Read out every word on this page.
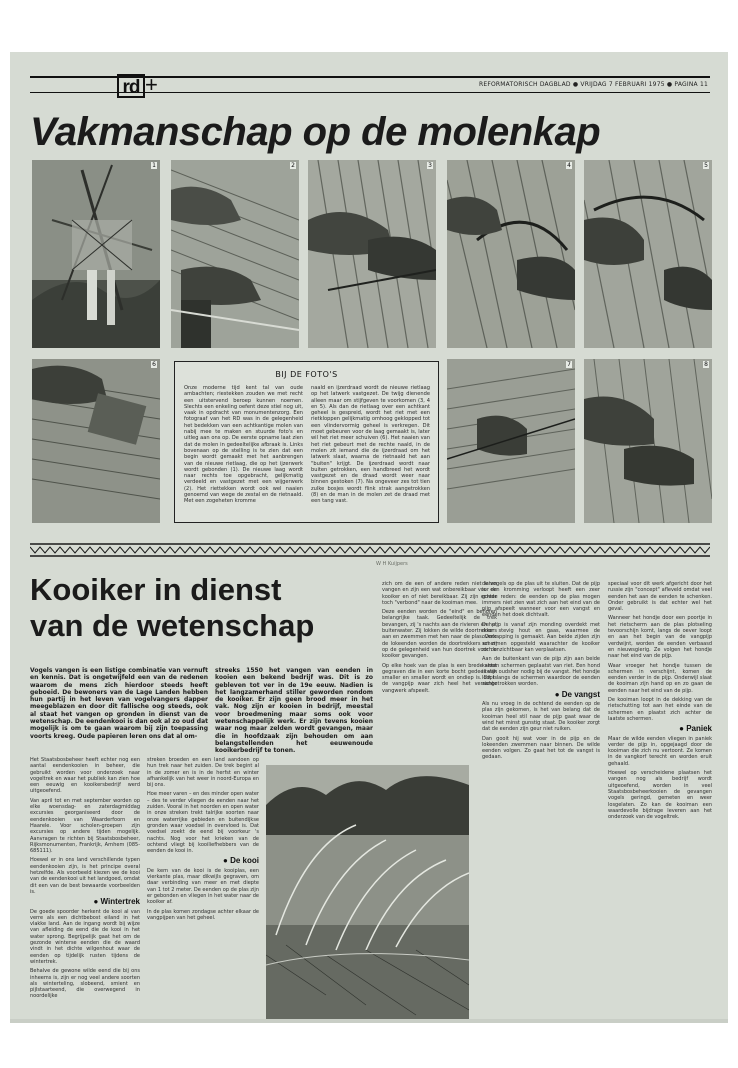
rd +	REFORMATORISCH DAGBLAD ● VRIJDAG 7 FEBRUARI 1975 ● PAGINA 11
Vakmanschap op de molenkap
1	2	3	4	5
6
BIJ DE FOTO'S
Onze moderne tijd kent tal van oude ambachten; riestekken zouden we met recht een uitstervend beroep kunnen noemen. Slechts een enkeling oefent deze stiel nog uit, vaak in opdracht van monumentenzorg. Een fotograaf van het RD was in de gelegenheid het bedekken van een achtkantige molen van nabij mee te maken en stuurde foto's en uitleg aan ons op. De eerste opname laat zien dat de molen in gedeeltelijke afbraak is. Links bovenaan op de stelling is te zien dat een begin wordt gemaakt met het aanbrengen van de nieuwe rietlaag, die op het ijzerwerk wordt gebonden (1). De nieuwe laag wordt naar rechts toe opgebracht, gelijkmatig verdeeld en vastgezet met een wijgerwerk (2). Het riettekken wordt ook wel naaien genoemd van wege de zestal en de rietnaald. Met een zogeheten kromme
naald en ijzerdraad wordt de nieuwe rietlaag op het latwerk vastgezet. De twijg dienende alleen maar om stijfgeven te voorkomen (3, 4 en 5). Als dan de rietlaag over een achtkant geheel is gespreid, wordt het riet met een rietkloppen gelijkmatig omhoog geklopped tot een vlindervormig geheel is verkregen. Dit moet gebeuren voor de laag gemaakt is, later wil het riet meer schuiven (6). Het naaien van het riet gebeurt met de rechte naald, in de molen zit iemand die de ijzerdraad om het latwerk slaat, waarna de rietnaald het aan "buiten" krijgt. De ijzerdraad wordt naar buiten getrokken, een handbreed het wordt vastgezet en de draad wordt weer naar binnen gestoken (7). Na ongeveer zes tot tien zulke bosjes wordt flink strak aangetrokken (8) en de man in de molen zet de draad met een tang vast.
7	8
W H Kuijpers
Kooiker in dienst
van de wetenschap
Vogels vangen is een listige combinatie van vernuft en kennis. Dat is ongetwijfeld een van de redenen waarom de mens zich hierdoor steeds heeft geboeid. De bewoners van de Lage Landen hebben hun partij in het leven van vogelvangers dapper meegeblazen en door dit fallische oog steeds, ook al staat het vangen op gronden in dienst van de wetenschap. De eendenkooi is dan ook al zo oud dat mogelijk is om te gaan waarom bij zijn toepassing voorts kreeg. Oude papieren leren ons dat al om-
streeks 1550 het vangen van eenden in kooien een bekend bedrijf was. Dit is zo gebleven tot ver in de 19e eeuw. Nadien is het langzamerhand stiller geworden rondom de kooiker. Er zijn geen brood meer in het vak. Nog zijn er kooien in bedrijf, meestal voor broedmening maar soms ook voor wetenschappelijk werk. Er zijn tevens kooien waar nog maar zelden wordt gevangen, maar die in hoofdzaak zijn behouden om aan belangstellenden het eeuwenoude kooikerbedrijf te tonen.

Het Staatsbosbeheer heeft echter nog een aantal eendenkooien in beheer, die gebruikt worden voor onderzoek naar vogeltrek en waar het publiek kan zien hoe een eeuwig en kooikersbedrijf werd uitgeoefend.

Van april tot en met september worden op elke woensdag- en zaterdagmiddag excursies georganiseerd door de eendenkooien van Waarderfoorn en Haarele. Voor scholen-groepen zijn excursies op andere tijden mogelijk. Aanvragen te richten bij Staatsbosbeheer, Rijksmonumenten, Frankrijk, Arnhem (085-685111).

Hoewel er in ons land verschillende typen eendenkooien zijn, is het principe overal hetzelfde. Als voorbeeld kiezen we de kooi van de eendenkooi uit het landgoed, omdat dit een van de best bewaarde voorbeelden is.

● Wintertrek

De goede spoorder herkent de kooi al van verre als een dichtbebost eiland in het vlakke land. Aan de ingang wordt bij wijze van afleiding de eend die de kooi in het water sprong. Begrijpelijk gaat het om de gezonde winterse eenden die de waard vindt in het dichte wilgenhout waar de eenden op tijdelijk rusten tijdens de wintertrek.

Behalve de gewone wilde eend die bij ons inheems is, zijn er nog veel andere soorten als winterteling, slobeend, smient en pijlstaarteend, die overwegend in noordelijke

streken broeden en een land aandoen op hun trek naar het zuiden. De trek begint al in de zomer en is in de herfst en winter afhankelijk van het weer in noord-Europa en bij ons.

Hoe meer varen – en des minder open water – des te verder vliegen de eenden naar het zuiden. Vooral in het noorden en open water in onze streken trekt talrijke soorten naar onze waterrijke gebieden en buitendijkse gronden waar voedsel in overvloed is. Dat voedsel zoekt de eend bij voorkeur 's nachts. Nog voor het krieken van de ochtend vliegt bij kooiliefhebbers van de eenden de kooi in.

● De kooi

De kern van de kooi is de kooiplas, een vierkante plas, maar dikwijls gegraven, om daar verbinding van meer en met diepte van 1 tot 2 meter. De eenden op de plas zijn er gebonden en vliegen in het water naar de kooiker af.

In de plas komen zondagse achter elkaar de vangpijpen van het geheel.

zich om de een of andere reden niet laten vangen en zijn een wat onbereikbaar voor de kooiker en of niet bereikbaar. Zij zijn echter toch "verbond" naar de kooiman mee.

Deze eenden worden de "eind" en behoren belangrijke taak. Gedeeltelijk de trek bevangen, zij 's nachts aan de rivieren en het buitenwater. Zij lokken de wilde doortrekkers aan en zwemmen met hen naar de plas. Door de lokeenden worden de doortrekkers en zij op de gelegenheid van hun doortrek voor de kooiker gevangen.

Op elke hoek van de plas is een brede sloot gegraven die in een korte bocht gedeeltelijk smaller en smaller wordt en ondiep is. Dit is de vangpijp waar zich heel het verrichte vangwerk afspeelt.

de vogels op de plas uit te sluiten. Dat de pijp is een kromming verloopt heeft een zeer goede reden: de eenden op de plas mogen immers niet zien wat zich aan het eind van de pijp afspeelt wanneer voor een vangst en eenden het doek dichtvalt.

De pijp is vanaf zijn monding overdekt met door stevig hout en gaas, waarmee de overkapping is gemaakt. Aan beide zijden zijn schermen opgesteld waarachter de kooiker zich onzichtbaar kan verplaatsen.

Aan de buitenkant van de pijp zijn aan beide kanten schermen geplaatst van riet. Een hond is van oudsher nodig bij de vangst. Het hondje loopt langs de schermen waardoor de eenden aangetrokken worden.

● De vangst

Als nu vroeg in de ochtend de eenden op de plas zijn gekomen, is het van belang dat de kooiman heel stil naar de pijp gaat waar de wind het minst gunstig staat. De kooiker zorgt dat de eenden zijn geur niet ruiken.

Dan gooit hij wat voer in de pijp en de lokeenden zwemmen naar binnen. De wilde eenden volgen. Zo gaat het tot de vangst is gedaan.

speciaal voor dit werk afgericht door het russie zijn "concept" afleveld omdat veel eenden het aan de eenden te schenken. Onder gebruikt is dat echter wel het geval.

Wanneer het hondje door een poortje in het rietscherm aan de plas plotseling tevoorschijn komt, langs de oever loopt en aan het begin van de vangpijp verdwijnt, worden de eenden verbaasd en nieuwsgierig. Ze volgen het hondje naar het eind van de pijp.

Waar vroeger het hondje tussen de schermen in verschijnt, komen de eenden verder in de pijp. Onderwijl slaat de kooiman zijn hand op en zo gaan de eenden naar het eind van de pijp.

De kooiman loopt in de dekking van de rietschutting tot aan het einde van de schermen en plaatst zich achter de laatste schermen.

● Paniek

Maar de wilde eenden vliegen in paniek verder de pijp in, opgejaagd door de kooiman die zich nu vertoont. Ze komen in de vangkorf terecht en worden eruit gehaald.

Hoewel op verscheidene plaatsen het vangen nog als bedrijf wordt uitgeoefend, worden in veel Staatsbosbeheerkooien de gevangen vogels geringd, gemeten en weer losgelaten. Zo kan de kooiman een waardevolle bijdrage leveren aan het onderzoek van de vogeltrek.
